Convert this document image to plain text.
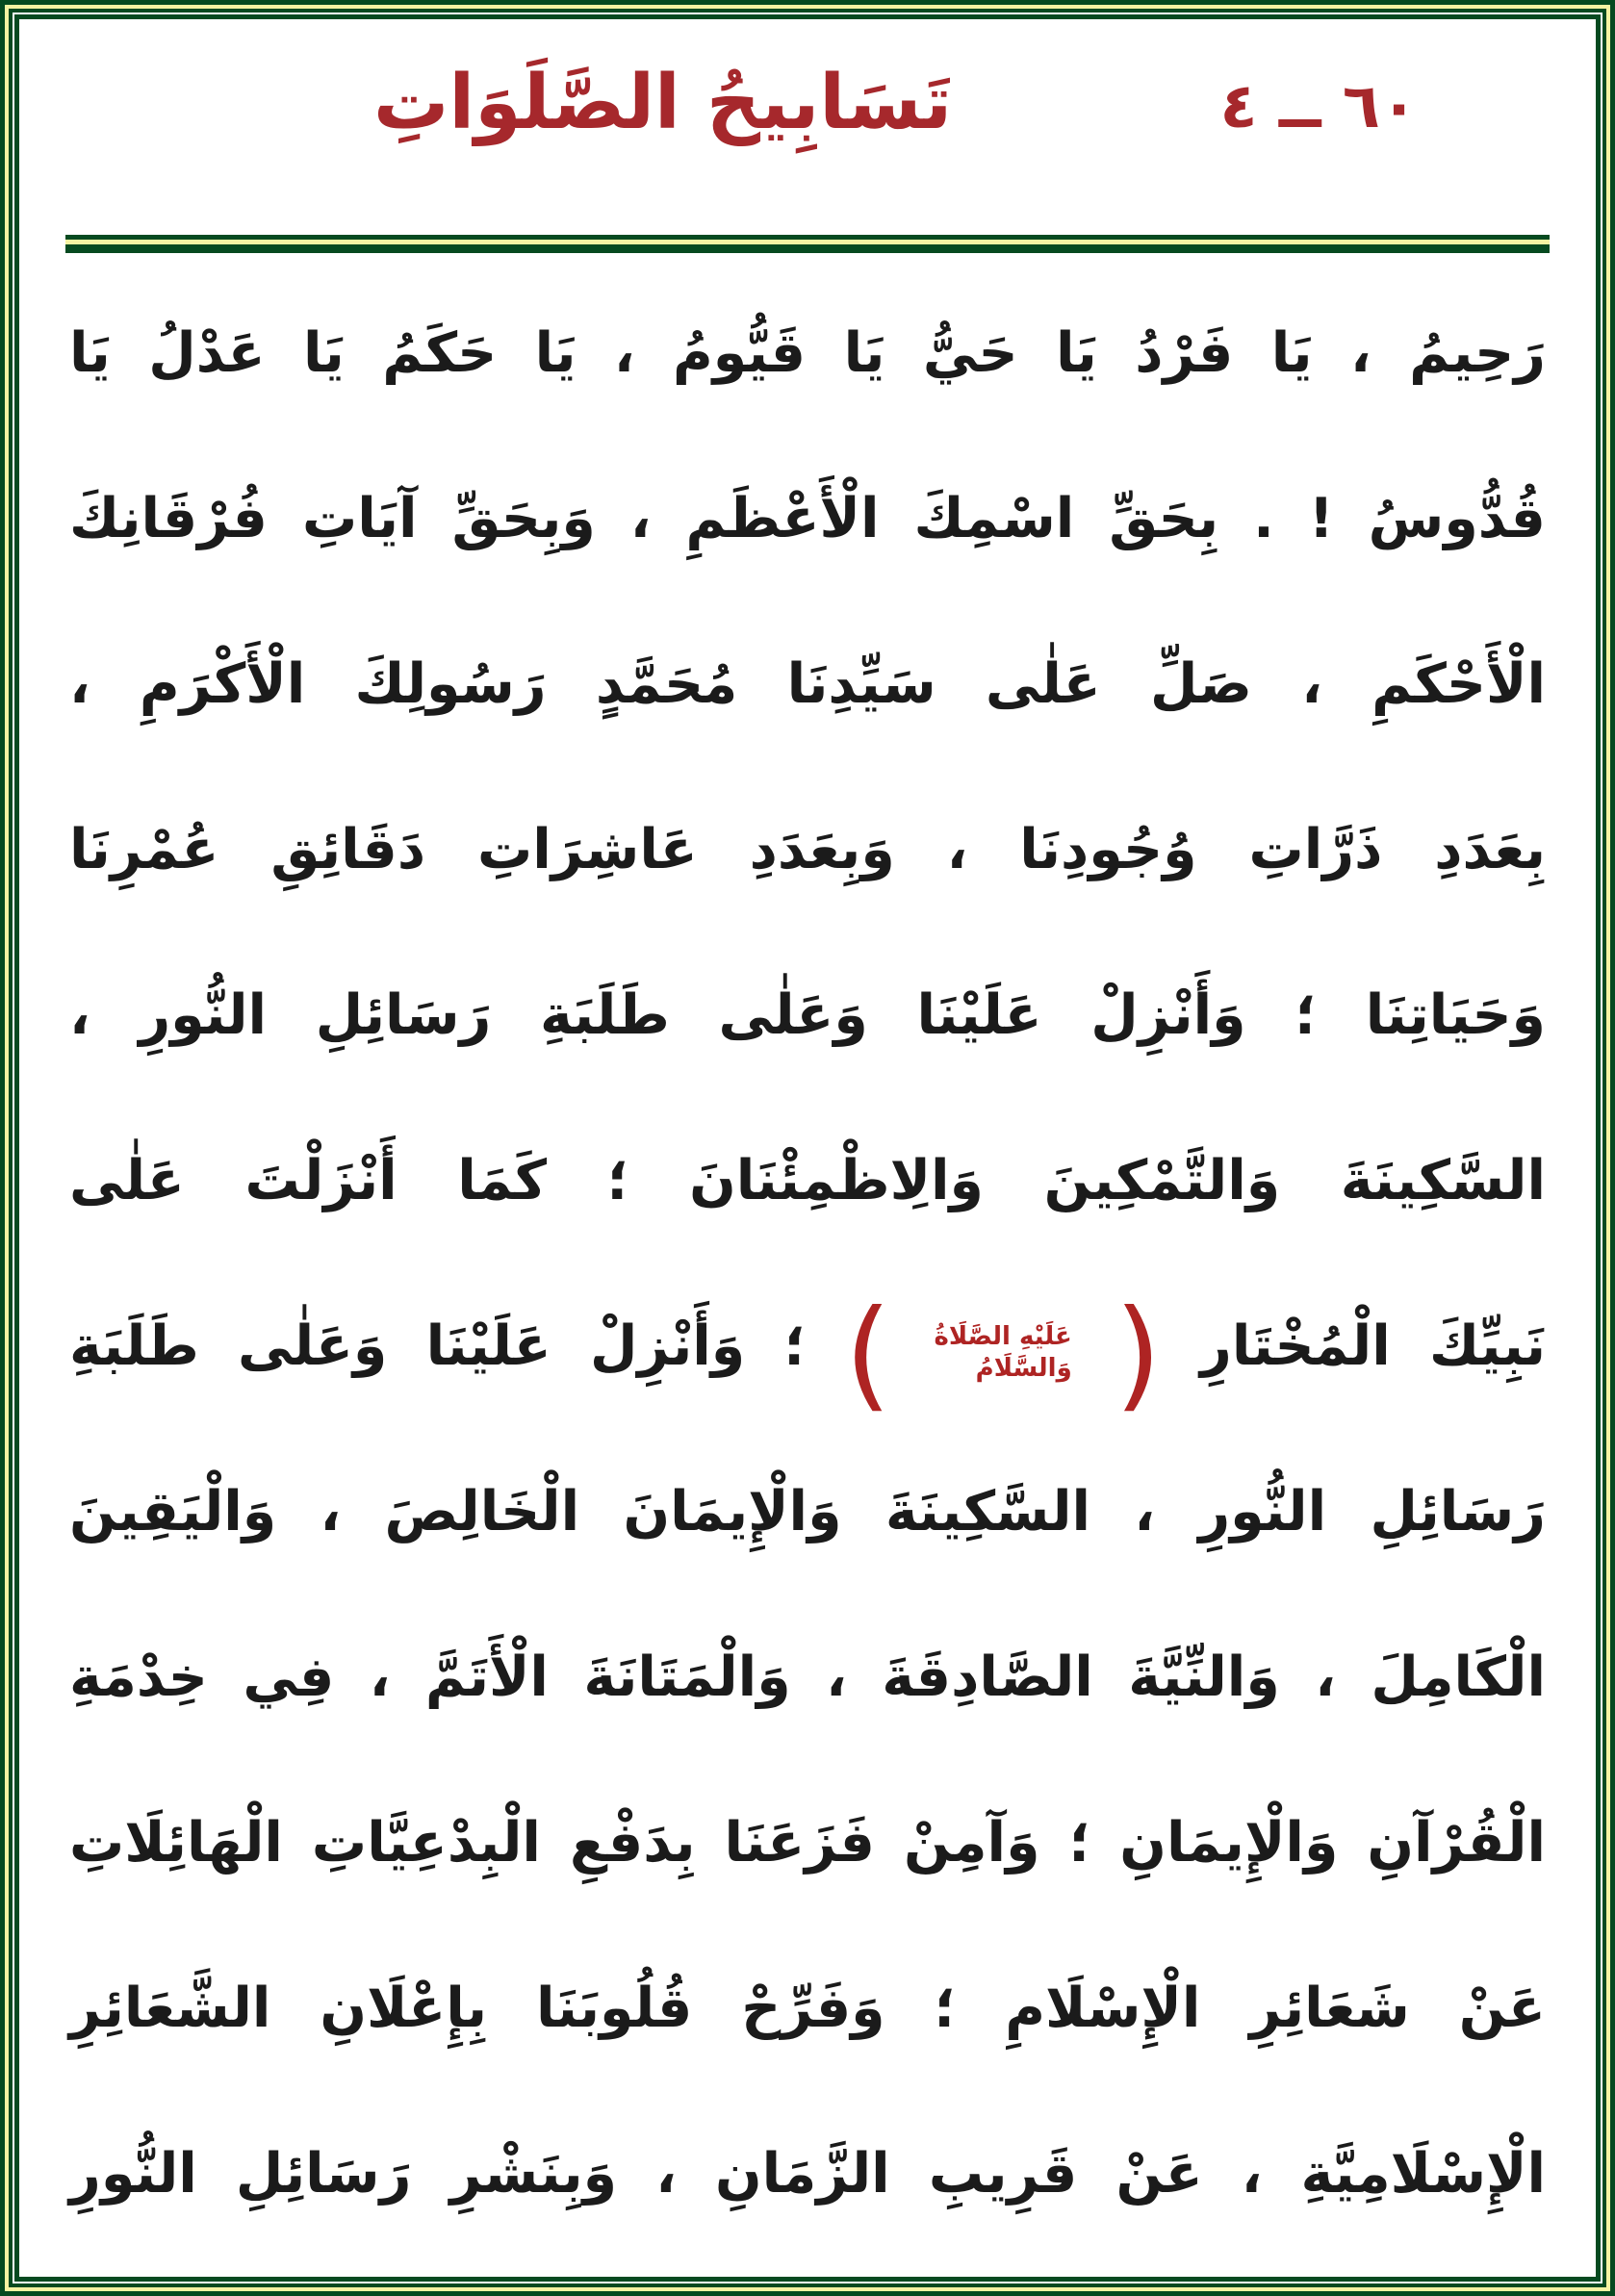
٦٠ ــ ٤
تَسَابِيحُ الصَّلَوَاتِ
رَحِيمُ ، يَا فَرْدُ يَا حَيُّ يَا قَيُّومُ ، يَا حَكَمُ يَا عَدْلُ يَا
قُدُّوسُ ! . بِحَقِّ اسْمِكَ الْأَعْظَمِ ، وَبِحَقِّ آيَاتِ فُرْقَانِكَ
الْأَحْكَمِ ، صَلِّ عَلٰى سَيِّدِنَا مُحَمَّدٍ رَسُولِكَ الْأَكْرَمِ ،
بِعَدَدِ ذَرَّاتِ وُجُودِنَا ، وَبِعَدَدِ عَاشِرَاتِ دَقَائِقِ عُمْرِنَا
وَحَيَاتِنَا ؛ وَأَنْزِلْ عَلَيْنَا وَعَلٰى طَلَبَةِ رَسَائِلِ النُّورِ ،
السَّكِينَةَ وَالتَّمْكِينَ وَالِاظْمِئْنَانَ ؛ كَمَا أَنْزَلْتَ عَلٰى
نَبِيِّكَ الْمُخْتَارِ (
عَلَيْهِ الصَّلَاةُ
وَالسَّلَامُ
) ؛ وَأَنْزِلْ عَلَيْنَا وَعَلٰى طَلَبَةِ
رَسَائِلِ النُّورِ ، السَّكِينَةَ وَالْإِيمَانَ الْخَالِصَ ، وَالْيَقِينَ
الْكَامِلَ ، وَالنِّيَّةَ الصَّادِقَةَ ، وَالْمَتَانَةَ الْأَتَمَّ ، فِي خِدْمَةِ
الْقُرْآنِ وَالْإِيمَانِ ؛ وَآمِنْ فَزَعَنَا بِدَفْعِ الْبِدْعِيَّاتِ الْهَائِلَاتِ
عَنْ شَعَائِرِ الْإِسْلَامِ ؛ وَفَرِّحْ قُلُوبَنَا بِإِعْلَانِ الشَّعَائِرِ
الْإِسْلَامِيَّةِ ، عَنْ قَرِيبِ الزَّمَانِ ، وَبِنَشْرِ رَسَائِلِ النُّورِ
